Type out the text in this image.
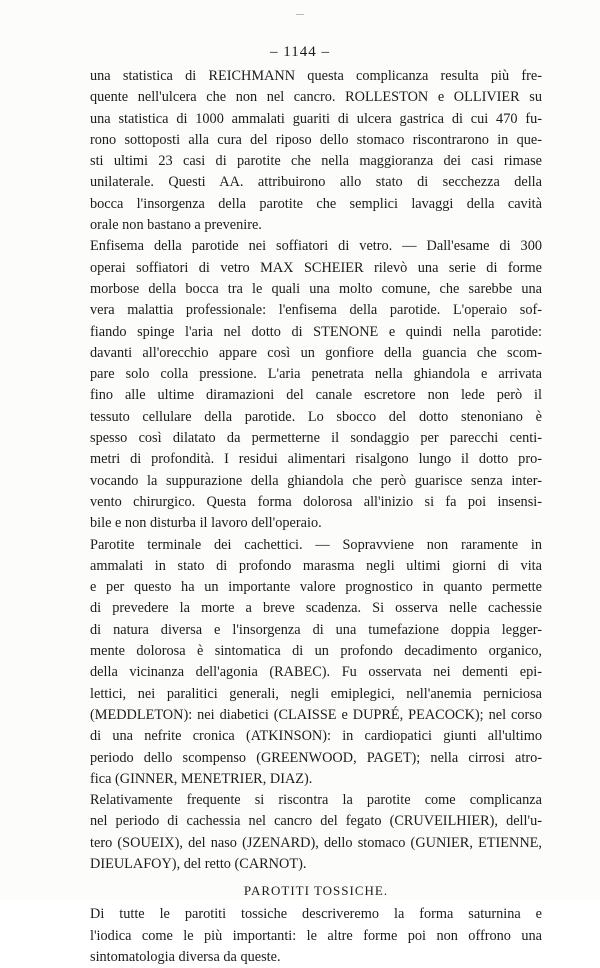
– 1144 –
una statistica di REICHMANN questa complicanza resulta più fre-
quente nell'ulcera che non nel cancro. ROLLESTON e OLLIVIER su
una statistica di 1000 ammalati guariti di ulcera gastrica di cui 470 fu-
rono sottoposti alla cura del riposo dello stomaco riscontrarono in que-
sti ultimi 23 casi di parotite che nella maggioranza dei casi rimase
unilaterale. Questi AA. attribuirono allo stato di secchezza della
bocca l'insorgenza della parotite che semplici lavaggi della cavità
orale non bastano a prevenire.
Enfisema della parotide nei soffiatori di vetro. — Dall'esame di 300
operai soffiatori di vetro MAX SCHEIER rilevò una serie di forme
morbose della bocca tra le quali una molto comune, che sarebbe una
vera malattia professionale: l'enfisema della parotide. L'operaio sof-
fiando spinge l'aria nel dotto di STENONE e quindi nella parotide:
davanti all'orecchio appare così un gonfiore della guancia che scom-
pare solo colla pressione. L'aria penetrata nella ghiandola e arrivata
fino alle ultime diramazioni del canale escretore non lede però il
tessuto cellulare della parotide. Lo sbocco del dotto stenoniano è
spesso così dilatato da permetterne il sondaggio per parecchi centi-
metri di profondità. I residui alimentari risalgono lungo il dotto pro-
vocando la suppurazione della ghiandola che però guarisce senza inter-
vento chirurgico. Questa forma dolorosa all'inizio si fa poi insensi-
bile e non disturba il lavoro dell'operaio.
Parotite terminale dei cachettici. — Sopravviene non raramente in
ammalati in stato di profondo marasma negli ultimi giorni di vita
e per questo ha un importante valore prognostico in quanto permette
di prevedere la morte a breve scadenza. Si osserva nelle cachessie
di natura diversa e l'insorgenza di una tumefazione doppia legger-
mente dolorosa è sintomatica di un profondo decadimento organico,
della vicinanza dell'agonia (RABEC). Fu osservata nei dementi epi-
lettici, nei paralitici generali, negli emiplegici, nell'anemia perniciosa
(MEDDLETON): nei diabetici (CLAISSE e DUPRÉ, PEACOCK); nel corso
di una nefrite cronica (ATKINSON): in cardiopatici giunti all'ultimo
periodo dello scompenso (GREENWOOD, PAGET); nella cirrosi atro-
fica (GINNER, MENETRIER, DIAZ).
Relativamente frequente si riscontra la parotite come complicanza
nel periodo di cachessia nel cancro del fegato (CRUVEILHIER), dell'u-
tero (SOUEIX), del naso (JZENARD), dello stomaco (GUNIER, ETIENNE,
DIEULAFOY), del retto (CARNOT).
PAROTITI TOSSICHE.
Di tutte le parotiti tossiche descriveremo la forma saturnina e
l'iodica come le più importanti: le altre forme poi non offrono una
sintomatologia diversa da queste.
